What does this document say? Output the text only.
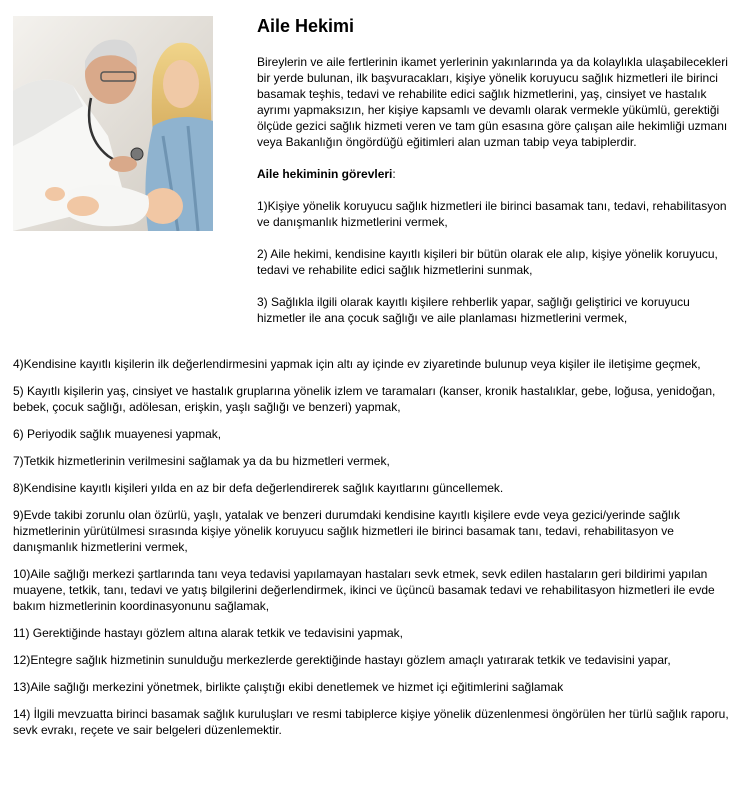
Aile Hekimi

Bireylerin ve aile fertlerinin ikamet yerlerinin yakınlarında ya da kolaylıkla ulaşabilecekleri bir yerde bulunan, ilk başvuracakları, kişiye yönelik koruyucu sağlık hizmetleri ile birinci basamak teşhis, tedavi ve rehabilite edici sağlık hizmetlerini, yaş, cinsiyet ve hastalık ayrımı yapmaksızın, her kişiye kapsamlı ve devamlı olarak vermekle yükümlü, gerektiği ölçüde gezici sağlık hizmeti veren ve tam gün esasına göre çalışan aile hekimliği uzmanı veya Bakanlığın öngördüğü eğitimleri alan uzman tabip veya tabiplerdir.

Aile hekiminin görevleri:

1)Kişiye yönelik koruyucu sağlık hizmetleri ile birinci basamak tanı, tedavi, rehabilitasyon ve danışmanlık hizmetlerini vermek,

2) Aile hekimi, kendisine kayıtlı kişileri bir bütün olarak ele alıp, kişiye yönelik koruyucu, tedavi ve rehabilite edici sağlık hizmetlerini sunmak,

3) Sağlıkla ilgili olarak kayıtlı kişilere rehberlik yapar, sağlığı geliştirici ve koruyucu hizmetler ile ana çocuk sağlığı ve aile planlaması hizmetlerini vermek,

4)Kendisine kayıtlı kişilerin ilk değerlendirmesini yapmak için altı ay içinde ev ziyaretinde bulunup veya kişiler ile iletişime geçmek,

5) Kayıtlı kişilerin yaş, cinsiyet ve hastalık gruplarına yönelik izlem ve taramaları (kanser, kronik hastalıklar, gebe, loğusa, yenidoğan, bebek, çocuk sağlığı, adölesan, erişkin, yaşlı sağlığı ve benzeri) yapmak,

6) Periyodik sağlık muayenesi yapmak,

7)Tetkik hizmetlerinin verilmesini sağlamak ya da bu hizmetleri vermek,

8)Kendisine kayıtlı kişileri yılda en az bir defa değerlendirerek sağlık kayıtlarını güncellemek.

9)Evde takibi zorunlu olan özürlü, yaşlı, yatalak ve benzeri durumdaki kendisine kayıtlı kişilere evde veya gezici/yerinde sağlık hizmetlerinin yürütülmesi sırasında kişiye yönelik koruyucu sağlık hizmetleri ile birinci basamak tanı, tedavi, rehabilitasyon ve danışmanlık hizmetlerini vermek,

10)Aile sağlığı merkezi şartlarında tanı veya tedavisi yapılamayan hastaları sevk etmek, sevk edilen hastaların geri bildirimi yapılan muayene, tetkik, tanı, tedavi ve yatış bilgilerini değerlendirmek, ikinci ve üçüncü basamak tedavi ve rehabilitasyon hizmetleri ile evde bakım hizmetlerinin koordinasyonunu sağlamak,

11) Gerektiğinde hastayı gözlem altına alarak tetkik ve tedavisini yapmak,

12)Entegre sağlık hizmetinin sunulduğu merkezlerde gerektiğinde hastayı gözlem amaçlı yatırarak tetkik ve tedavisini yapar,

13)Aile sağlığı merkezini yönetmek, birlikte çalıştığı ekibi denetlemek ve hizmet içi eğitimlerini sağlamak

14) İlgili mevzuatta birinci basamak sağlık kuruluşları ve resmi tabiplerce kişiye yönelik düzenlenmesi öngörülen her türlü sağlık raporu, sevk evrakı, reçete ve sair belgeleri düzenlemektir.
